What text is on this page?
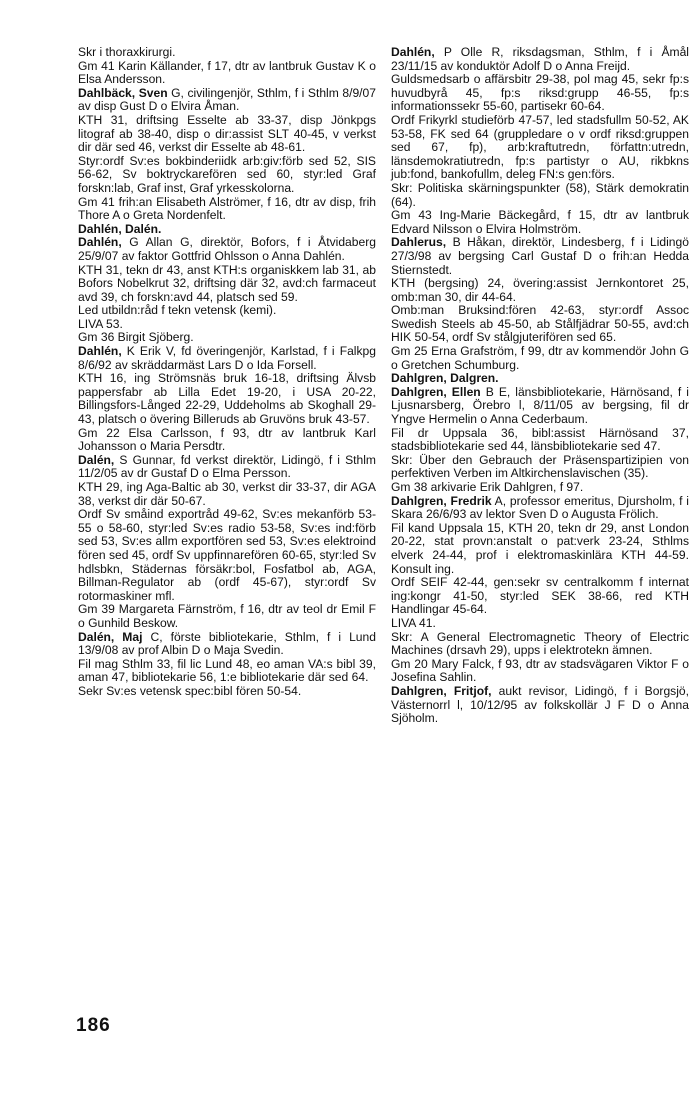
Skr i thoraxkirurgi.

Gm 41 Karin Källander, f 17, dtr av lantbruk Gustav K o Elsa Andersson.

Dahlbäck, Sven G, civilingenjör, Sthlm, f i Sthlm 8/9/07 av disp Gust D o Elvira Åman.

KTH 31, driftsing Esselte ab 33-37, disp Jönkpgs litograf ab 38-40, disp o dir:assist SLT 40-45, v verkst dir där sed 46, verkst dir Esselte ab 48-61.

Styr:ordf Sv:es bokbinderiidk arb:giv:förb sed 52, SIS 56-62, Sv boktryckarefören sed 60, styr:led Graf forskn:lab, Graf inst, Graf yrkesskolorna.

Gm 41 frih:an Elisabeth Alströmer, f 16, dtr av disp, frih Thore A o Greta Nordenfelt.

Dahlén, Dalén.

Dahlén, G Allan G, direktör, Bofors, f i Åtvidaberg 25/9/07 av faktor Gottfrid Ohlsson o Anna Dahlén.

KTH 31, tekn dr 43, anst KTH:s organiskkem lab 31, ab Bofors Nobelkrut 32, driftsing där 32, avd:ch farmaceut avd 39, ch forskn:avd 44, platsch sed 59.

Led utbildn:råd f tekn vetensk (kemi).

LIVA 53.

Gm 36 Birgit Sjöberg.

Dahlén, K Erik V, fd överingenjör, Karlstad, f i Falkpg 8/6/92 av skräddarmäst Lars D o Ida Forsell.

KTH 16, ing Strömsnäs bruk 16-18, driftsing Älvsb pappersfabr ab Lilla Edet 19-20, i USA 20-22, Billingsfors-Långed 22-29, Uddeholms ab Skoghall 29-43, platsch o övering Billeruds ab Gruvöns bruk 43-57.

Gm 22 Elsa Carlsson, f 93, dtr av lantbruk Karl Johansson o Maria Persdtr.

Dalén, S Gunnar, fd verkst direktör, Lidingö, f i Sthlm 11/2/05 av dr Gustaf D o Elma Persson.

KTH 29, ing Aga-Baltic ab 30, verkst dir 33-37, dir AGA 38, verkst dir där 50-67.

Ordf Sv småind exportråd 49-62, Sv:es mekanförb 53-55 o 58-60, styr:led Sv:es radio 53-58, Sv:es ind:förb sed 53, Sv:es allm exportfören sed 53, Sv:es elektroind fören sed 45, ordf Sv uppfinnarefören 60-65, styr:led Sv hdlsbkn, Städernas försäkr:bol, Fosfatbol ab, AGA, Billman-Regulator ab (ordf 45-67), styr:ordf Sv rotormaskiner mfl.

Gm 39 Margareta Färnström, f 16, dtr av teol dr Emil F o Gunhild Beskow.

Dalén, Maj C, förste bibliotekarie, Sthlm, f i Lund 13/9/08 av prof Albin D o Maja Svedin.

Fil mag Sthlm 33, fil lic Lund 48, eo aman VA:s bibl 39, aman 47, bibliotekarie 56, 1:e bibliotekarie där sed 64.

Sekr Sv:es vetensk spec:bibl fören 50-54.

Dahlén, P Olle R, riksdagsman, Sthlm, f i Åmål 23/11/15 av konduktör Adolf D o Anna Freijd.

Guldsmedsarb o affärsbitr 29-38, pol mag 45, sekr fp:s huvudbyrå 45, fp:s riksd:grupp 46-55, fp:s informationssekr 55-60, partisekr 60-64.

Ordf Frikyrkl studieförb 47-57, led stadsfullm 50-52, AK 53-58, FK sed 64 (gruppledare o v ordf riksd:gruppen sed 67, fp), arb:kraftutredn, författn:utredn, länsdemokratiutredn, fp:s partistyr o AU, rikbkns jub:fond, bankofullm, deleg FN:s gen:förs.

Skr: Politiska skärningspunkter (58), Stärk demokratin (64).

Gm 43 Ing-Marie Bäckegård, f 15, dtr av lantbruk Edvard Nilsson o Elvira Holmström.

Dahlerus, B Håkan, direktör, Lindesberg, f i Lidingö 27/3/98 av bergsing Carl Gustaf D o frih:an Hedda Stiernstedt.

KTH (bergsing) 24, övering:assist Jernkontoret 25, omb:man 30, dir 44-64.

Omb:man Bruksind:fören 42-63, styr:ordf Assoc Swedish Steels ab 45-50, ab Stålfjädrar 50-55, avd:ch HIK 50-54, ordf Sv stålgjuterifören sed 65.

Gm 25 Erna Grafström, f 99, dtr av kommendör John G o Gretchen Schumburg.

Dahlgren, Dalgren.

Dahlgren, Ellen B E, länsbibliotekarie, Härnösand, f i Ljusnarsberg, Örebro l, 8/11/05 av bergsing, fil dr Yngve Hermelin o Anna Cederbaum.

Fil dr Uppsala 36, bibl:assist Härnösand 37, stadsbibliotekarie sed 44, länsbibliotekarie sed 47.

Skr: Über den Gebrauch der Präsenspartizipien von perfektiven Verben im Altkirchenslavischen (35).

Gm 38 arkivarie Erik Dahlgren, f 97.

Dahlgren, Fredrik A, professor emeritus, Djursholm, f i Skara 26/6/93 av lektor Sven D o Augusta Frölich.

Fil kand Uppsala 15, KTH 20, tekn dr 29, anst London 20-22, stat provn:anstalt o pat:verk 23-24, Sthlms elverk 24-44, prof i elektromaskinlära KTH 44-59. Konsult ing.

Ordf SEIF 42-44, gen:sekr sv centralkomm f internat ing:kongr 41-50, styr:led SEK 38-66, red KTH Handlingar 45-64.

LIVA 41.

Skr: A General Electromagnetic Theory of Electric Machines (drsavh 29), upps i elektrotekn ämnen.

Gm 20 Mary Falck, f 93, dtr av stadsvägaren Viktor F o Josefina Sahlin.

Dahlgren, Fritjof, aukt revisor, Lidingö, f i Borgsjö, Västernorrl l, 10/12/95 av folkskollär J F D o Anna Sjöholm.

186
